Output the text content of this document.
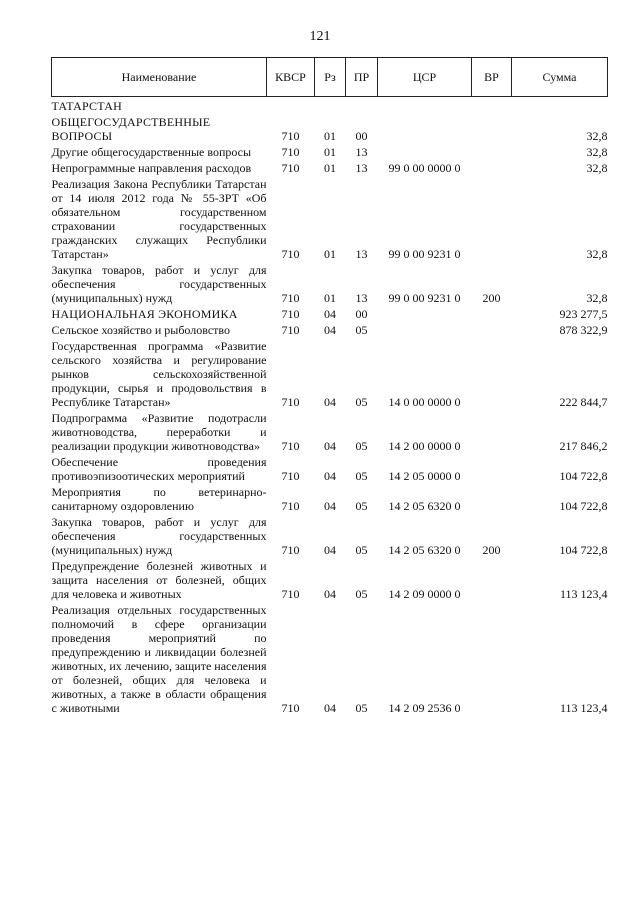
121
Наименование	КВСР	Рз	ПР	ЦСР	ВР	Сумма
ТАТАРСТАН						
ОБЩЕГОСУДАРСТВЕННЫЕ ВОПРОСЫ	710	01	00			32,8
Другие общегосударственные вопросы	710	01	13			32,8
Непрограммные направления расходов	710	01	13	99 0 00 0000 0		32,8
Реализация Закона Республики Татарстан от 14 июля 2012 года № 55-ЗРТ «Об обязательном государственном страховании государственных гражданских служащих Республики Татарстан»	710	01	13	99 0 00 9231 0		32,8
Закупка товаров, работ и услуг для обеспечения государственных (муниципальных) нужд	710	01	13	99 0 00 9231 0	200	32,8
НАЦИОНАЛЬНАЯ ЭКОНОМИКА	710	04	00			923 277,5
Сельское хозяйство и рыболовство	710	04	05			878 322,9
Государственная программа «Развитие сельского хозяйства и регулирование рынков сельскохозяйственной продукции, сырья и продовольствия в Республике Татарстан»	710	04	05	14 0 00 0000 0		222 844,7
Подпрограмма «Развитие подотрасли животноводства, переработки и реализации продукции животноводства»	710	04	05	14 2 00 0000 0		217 846,2
Обеспечение проведения противоэпизоотических мероприятий	710	04	05	14 2 05 0000 0		104 722,8
Мероприятия по ветеринарно-санитарному оздоровлению	710	04	05	14 2 05 6320 0		104 722,8
Закупка товаров, работ и услуг для обеспечения государственных (муниципальных) нужд	710	04	05	14 2 05 6320 0	200	104 722,8
Предупреждение болезней животных и защита населения от болезней, общих для человека и животных	710	04	05	14 2 09 0000 0		113 123,4
Реализация отдельных государственных полномочий в сфере организации проведения мероприятий по предупреждению и ликвидации болезней животных, их лечению, защите населения от болезней, общих для человека и животных, а также в области обращения с животными	710	04	05	14 2 09 2536 0		113 123,4
